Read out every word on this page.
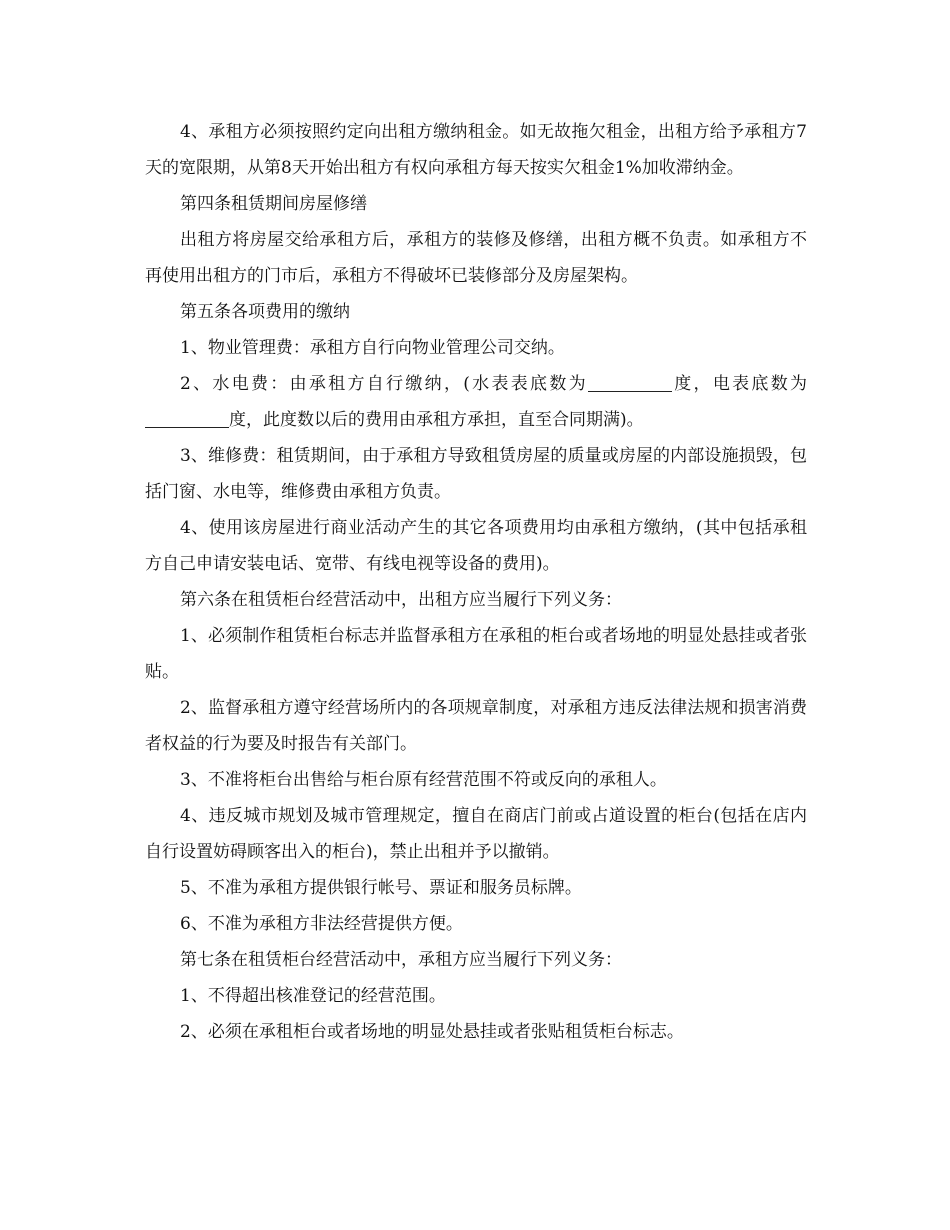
4、承租方必须按照约定向出租方缴纳租金。如无故拖欠租金，出租方给予承租方7天的宽限期，从第8天开始出租方有权向承租方每天按实欠租金1%加收滞纳金。

第四条租赁期间房屋修缮

出租方将房屋交给承租方后，承租方的装修及修缮，出租方概不负责。如承租方不再使用出租方的门市后，承租方不得破坏已装修部分及房屋架构。

第五条各项费用的缴纳

1、物业管理费：承租方自行向物业管理公司交纳。

2、水电费：由承租方自行缴纳，(水表表底数为	度，电表底数为度，此度数以后的费用由承租方承担，直至合同期满)。

3、维修费：租赁期间，由于承租方导致租赁房屋的质量或房屋的内部设施损毁，包括门窗、水电等，维修费由承租方负责。

4、使用该房屋进行商业活动产生的其它各项费用均由承租方缴纳，(其中包括承租方自己申请安装电话、宽带、有线电视等设备的费用)。

第六条在租赁柜台经营活动中，出租方应当履行下列义务：

1、必须制作租赁柜台标志并监督承租方在承租的柜台或者场地的明显处悬挂或者张贴。

2、监督承租方遵守经营场所内的各项规章制度，对承租方违反法律法规和损害消费者权益的行为要及时报告有关部门。

3、不准将柜台出售给与柜台原有经营范围不符或反向的承租人。

4、违反城市规划及城市管理规定，擅自在商店门前或占道设置的柜台(包括在店内自行设置妨碍顾客出入的柜台)，禁止出租并予以撤销。

5、不准为承租方提供银行帐号、票证和服务员标牌。

6、不准为承租方非法经营提供方便。

第七条在租赁柜台经营活动中，承租方应当履行下列义务：

1、不得超出核准登记的经营范围。

2、必须在承租柜台或者场地的明显处悬挂或者张贴租赁柜台标志。
